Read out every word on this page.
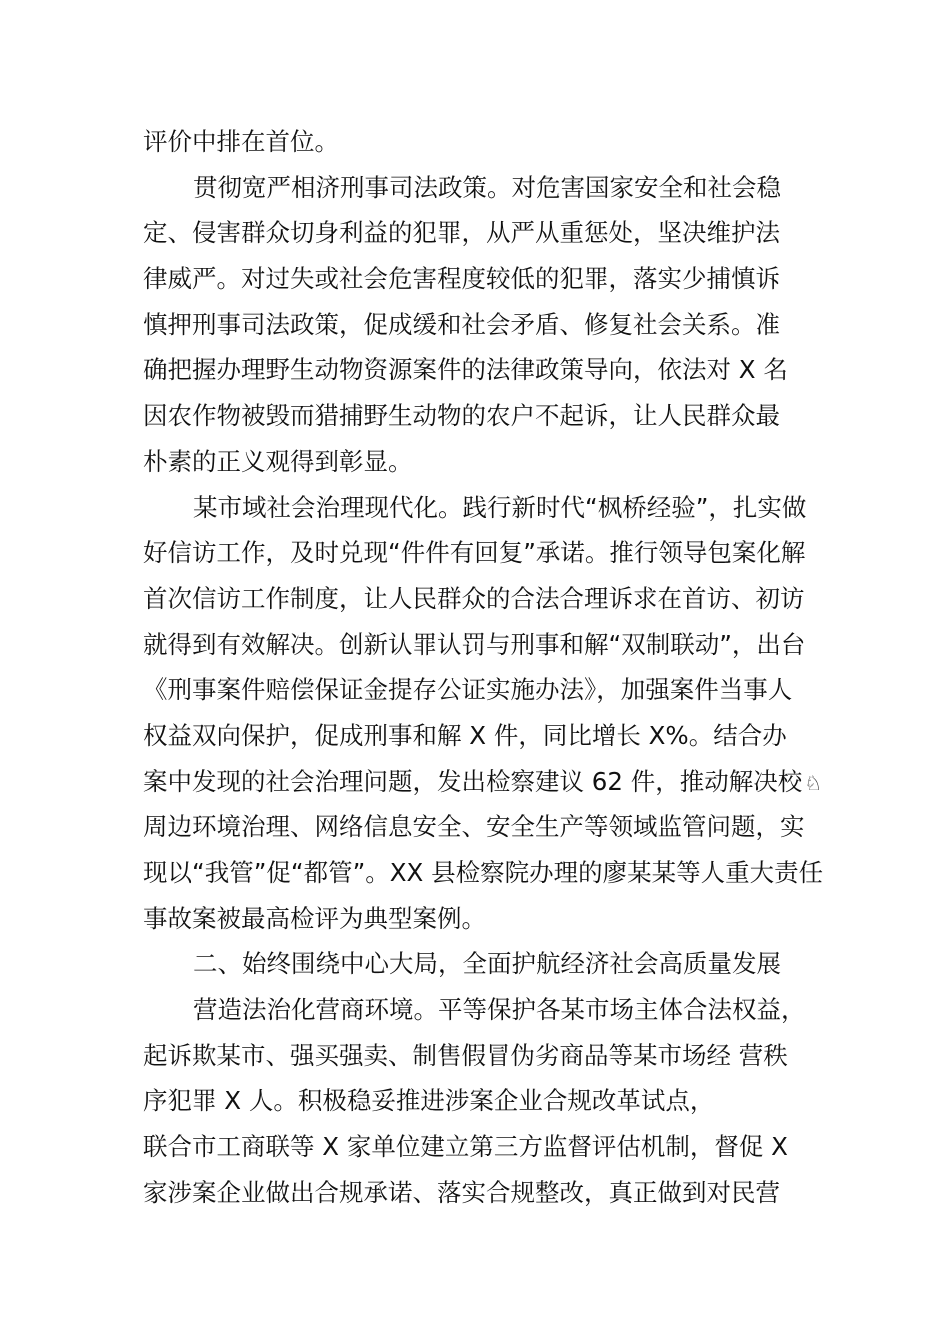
评价中排在首位。
贯彻宽严相济刑事司法政策。对危害国家安全和社会稳
定、侵害群众切身利益的犯罪，从严从重惩处，坚决维护法
律威严。对过失或社会危害程度较低的犯罪，落实少捕慎诉
慎押刑事司法政策，促成缓和社会矛盾、修复社会关系。准
确把握办理野生动物资源案件的法律政策导向，依法对 X 名
因农作物被毁而猎捕野生动物的农户不起诉，让人民群众最
朴素的正义观得到彰显。
某市域社会治理现代化。践行新时代“枫桥经验”，扎实做
好信访工作，及时兑现“件件有回复”承诺。推行领导包案化解
首次信访工作制度，让人民群众的合法合理诉求在首访、初访
就得到有效解决。创新认罪认罚与刑事和解“双制联动”，出台
《刑事案件赔偿保证金提存公证实施办法》，加强案件当事人
权益双向保护，促成刑事和解 X 件，同比增长 X%。结合办
案中发现的社会治理问题，发出检察建议 62 件，推动解决校 ♘
周边环境治理、网络信息安全、安全生产等领域监管问题，实
现以“我管”促“都管”。XX 县检察院办理的廖某某等人重大责任
事故案被最高检评为典型案例。
二、始终围绕中心大局，全面护航经济社会高质量发展
营造法治化营商环境。平等保护各某市场主体合法权益，
起诉欺某市、强买强卖、制售假冒伪劣商品等某市场经 营秩
序犯罪 X 人。积极稳妥推进涉案企业合规改革试点，
联合市工商联等 X 家单位建立第三方监督评估机制，督促 X
家涉案企业做出合规承诺、落实合规整改，真正做到对民营
